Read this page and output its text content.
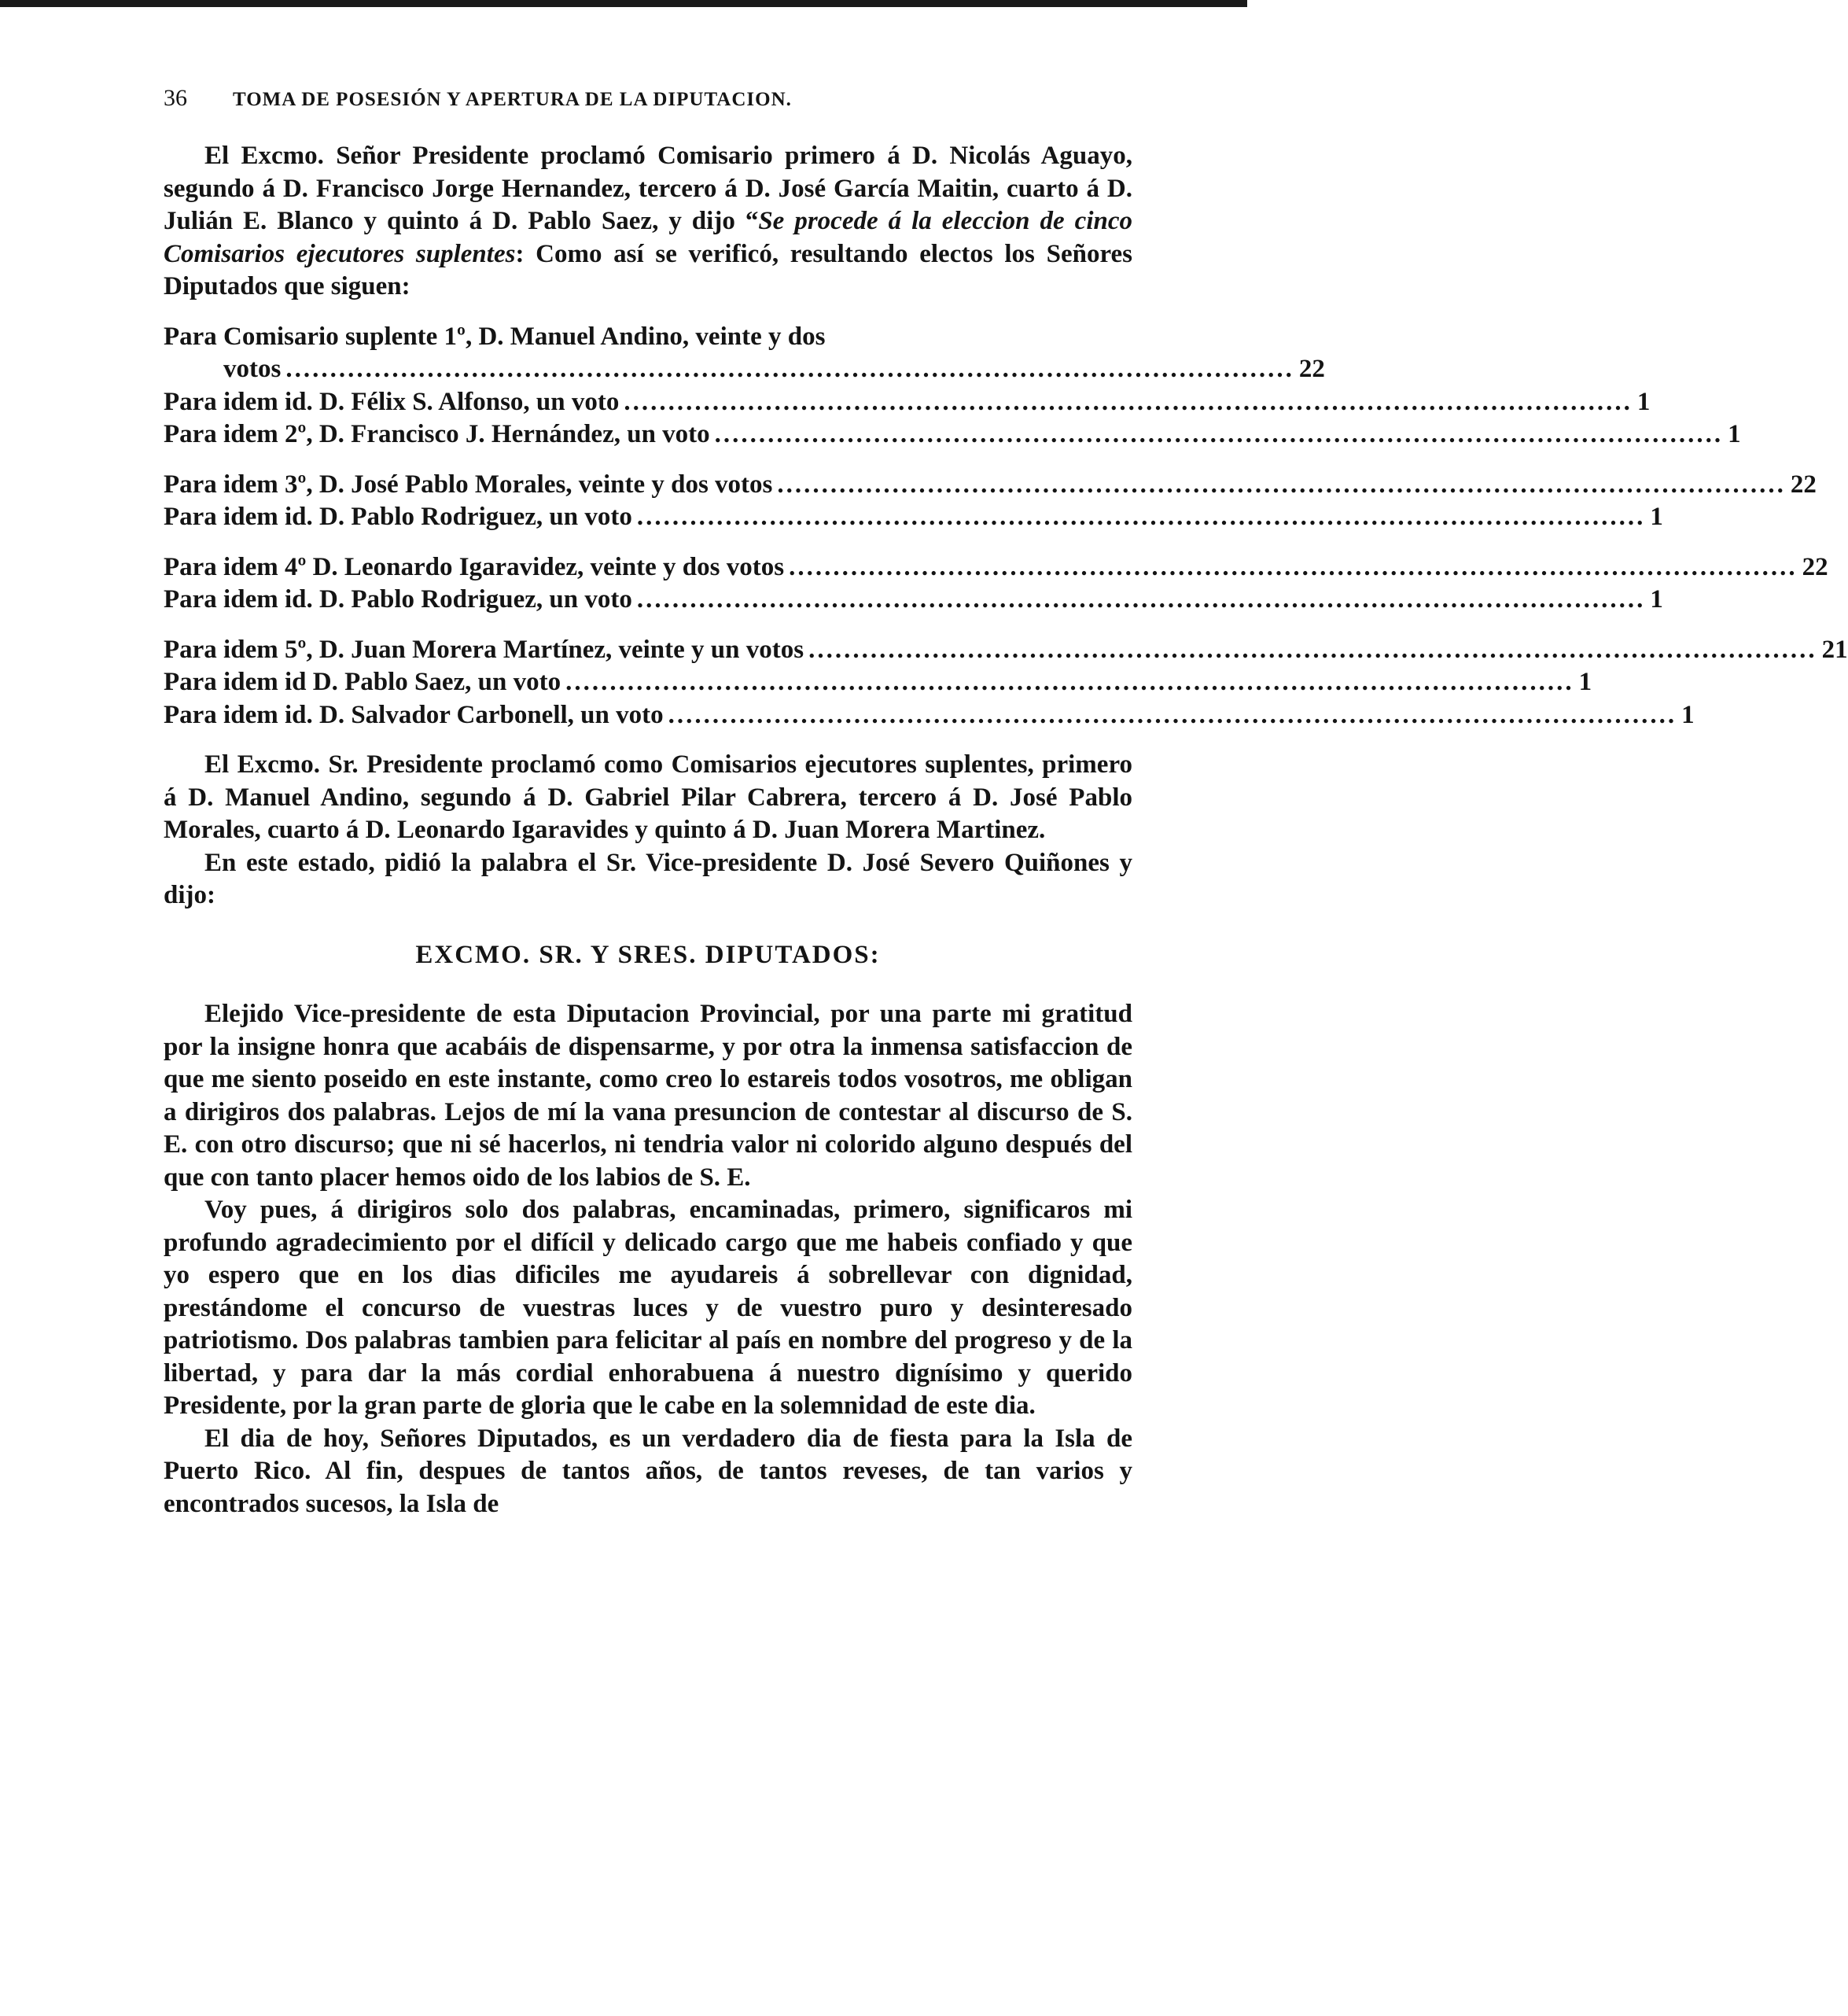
36	TOMA DE POSESIÓN Y APERTURA DE LA DIPUTACION.

El Excmo. Señor Presidente proclamó Comisario primero á D. Nicolás Aguayo, segundo á D. Francisco Jorge Hernandez, tercero á D. José García Maitin, cuarto á D. Julián E. Blanco y quinto á D. Pablo Saez, y dijo “Se procede á la eleccion de cinco Comisarios ejecutores suplentes: Como así se verificó, resultando electos los Señores Diputados que siguen:

Para Comisario suplente 1º, D. Manuel Andino, veinte y dos
votos .................................................................................................................. 22
Para idem id. D. Félix S. Alfonso, un voto .................................................................................................................. 1
Para idem 2º, D. Francisco J. Hernández, un voto .................................................................................................................. 1
Para idem 3º, D. José Pablo Morales, veinte y dos votos .................................................................................................................. 22
Para idem id. D. Pablo Rodriguez, un voto .................................................................................................................. 1
Para idem 4º D. Leonardo Igaravidez, veinte y dos votos .................................................................................................................. 22
Para idem id. D. Pablo Rodriguez, un voto .................................................................................................................. 1
Para idem 5º, D. Juan Morera Martínez, veinte y un votos .................................................................................................................. 21
Para idem id D. Pablo Saez, un voto .................................................................................................................. 1
Para idem id. D. Salvador Carbonell, un voto .................................................................................................................. 1

El Excmo. Sr. Presidente proclamó como Comisarios ejecutores suplentes, primero á D. Manuel Andino, segundo á D. Gabriel Pilar Cabrera, tercero á D. José Pablo Morales, cuarto á D. Leonardo Igaravides y quinto á D. Juan Morera Martinez.

En este estado, pidió la palabra el Sr. Vice-presidente D. José Severo Quiñones y dijo:

EXCMO. SR. Y SRES. DIPUTADOS:

Elejido Vice-presidente de esta Diputacion Provincial, por una parte mi gratitud por la insigne honra que acabáis de dispensarme, y por otra la inmensa satisfaccion de que me siento poseido en este instante, como creo lo estareis todos vosotros, me obligan a dirigiros dos palabras. Lejos de mí la vana presuncion de contestar al discurso de S. E. con otro discurso; que ni sé hacerlos, ni tendria valor ni colorido alguno después del que con tanto placer hemos oido de los labios de S. E.

Voy pues, á dirigiros solo dos palabras, encaminadas, primero, significaros mi profundo agradecimiento por el difícil y delicado cargo que me habeis confiado y que yo espero que en los dias dificiles me ayudareis á sobrellevar con dignidad, prestándome el concurso de vuestras luces y de vuestro puro y desinteresado patriotismo. Dos palabras tambien para felicitar al país en nombre del progreso y de la libertad, y para dar la más cordial enhorabuena á nuestro dignísimo y querido Presidente, por la gran parte de gloria que le cabe en la solemnidad de este dia.

El dia de hoy, Señores Diputados, es un verdadero dia de fiesta para la Isla de Puerto Rico. Al fin, despues de tantos años, de tantos reveses, de tan varios y encontrados sucesos, la Isla de
